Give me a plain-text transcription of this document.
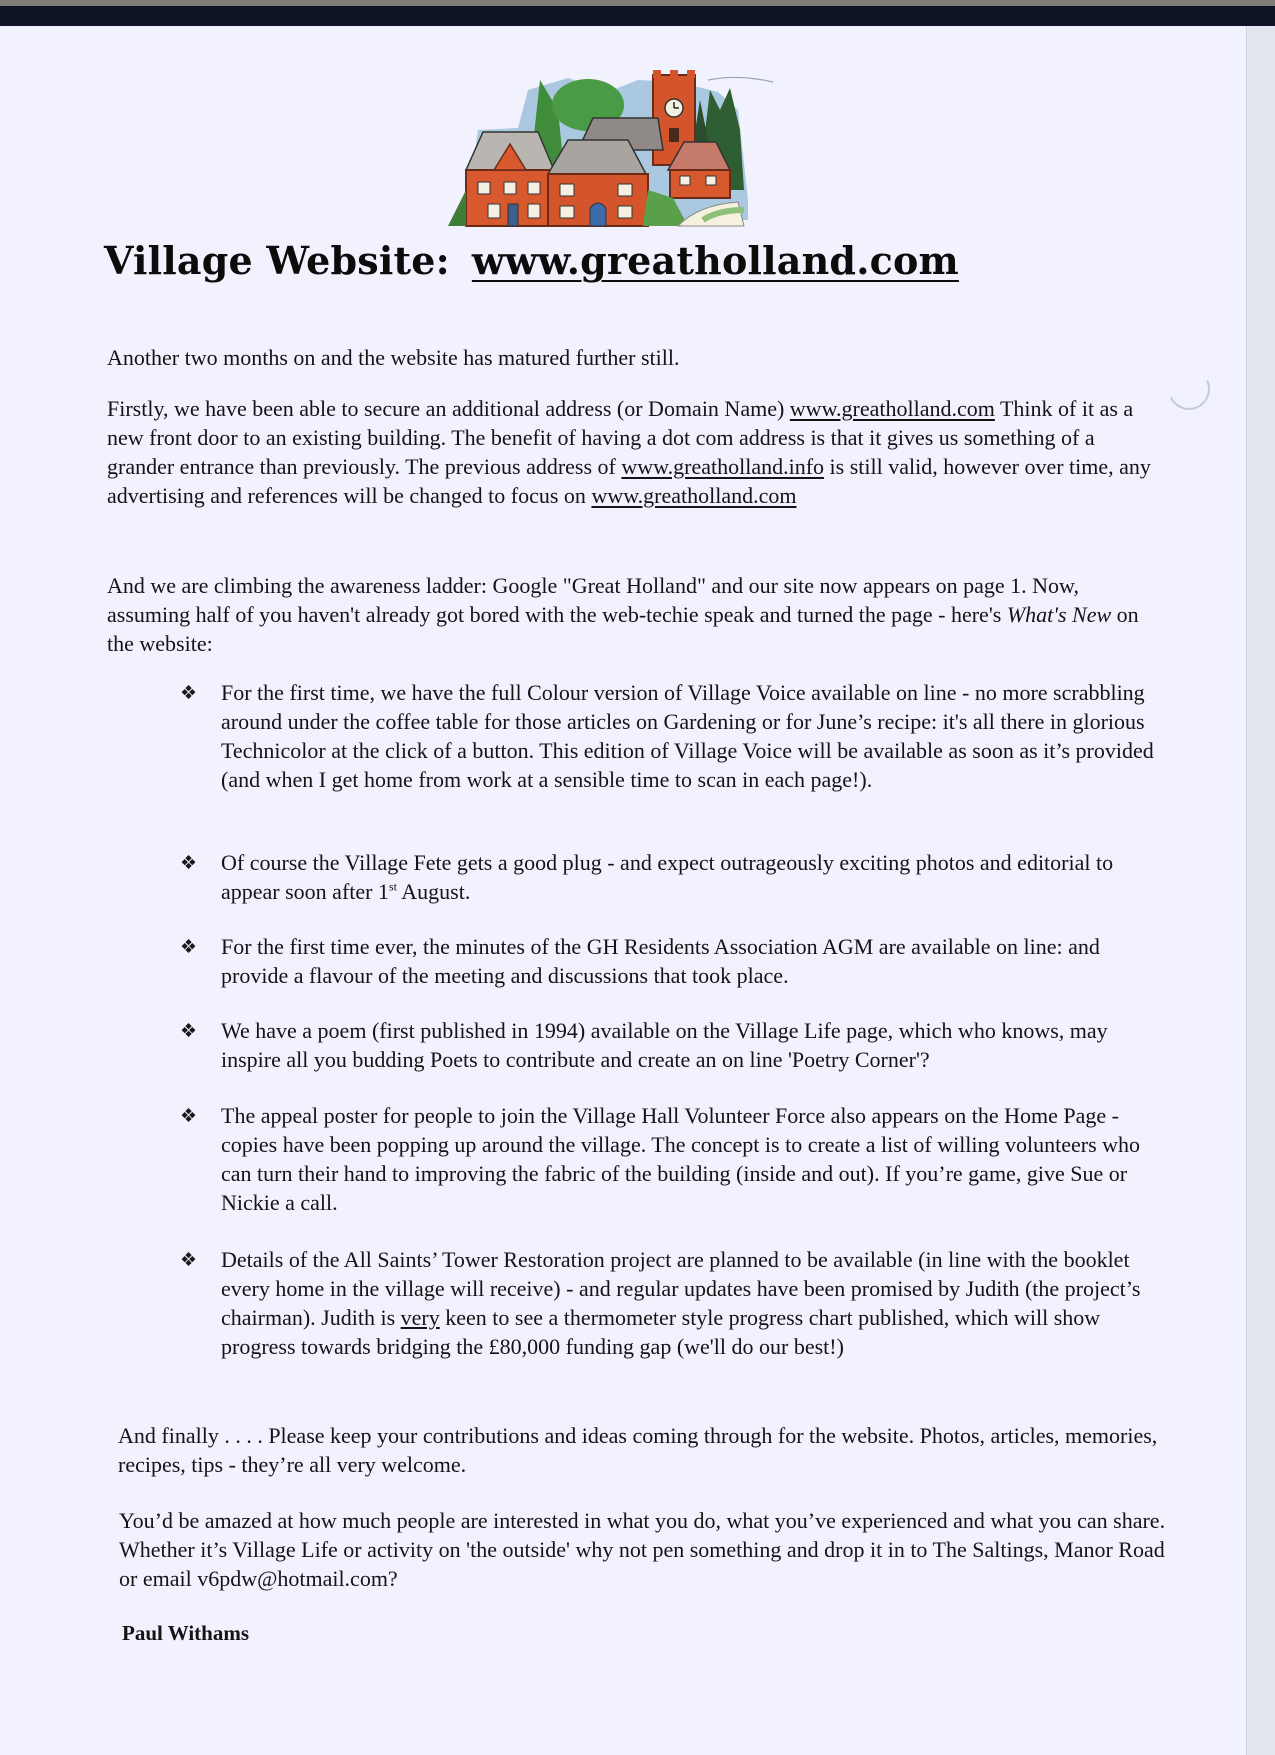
Village Website: www.greatholland.com

Another two months on and the website has matured further still.

Firstly, we have been able to secure an additional address (or Domain Name) www.greatholland.com Think of it as a new front door to an existing building. The benefit of having a dot com address is that it gives us something of a grander entrance than previously. The previous address of www.greatholland.info is still valid, however over time, any advertising and references will be changed to focus on www.greatholland.com

And we are climbing the awareness ladder: Google "Great Holland" and our site now appears on page 1. Now, assuming half of you haven't already got bored with the web-techie speak and turned the page - here's What's New on the website:

❖ For the first time, we have the full Colour version of Village Voice available on line - no more scrabbling around under the coffee table for those articles on Gardening or for June’s recipe: it's all there in glorious Technicolor at the click of a button. This edition of Village Voice will be available as soon as it’s provided (and when I get home from work at a sensible time to scan in each page!).
❖ Of course the Village Fete gets a good plug - and expect outrageously exciting photos and editorial to appear soon after 1st August.
❖ For the first time ever, the minutes of the GH Residents Association AGM are available on line: and provide a flavour of the meeting and discussions that took place.
❖ We have a poem (first published in 1994) available on the Village Life page, which who knows, may inspire all you budding Poets to contribute and create an on line 'Poetry Corner'?
❖ The appeal poster for people to join the Village Hall Volunteer Force also appears on the Home Page - copies have been popping up around the village. The concept is to create a list of willing volunteers who can turn their hand to improving the fabric of the building (inside and out). If you’re game, give Sue or Nickie a call.
❖ Details of the All Saints’ Tower Restoration project are planned to be available (in line with the booklet every home in the village will receive) - and regular updates have been promised by Judith (the project’s chairman). Judith is very keen to see a thermometer style progress chart published, which will show progress towards bridging the £80,000 funding gap (we'll do our best!)

And finally . . . . Please keep your contributions and ideas coming through for the website. Photos, articles, memories, recipes, tips - they’re all very welcome.

You’d be amazed at how much people are interested in what you do, what you’ve experienced and what you can share. Whether it’s Village Life or activity on 'the outside' why not pen something and drop it in to The Saltings, Manor Road or email v6pdw@hotmail.com?

Paul Withams
